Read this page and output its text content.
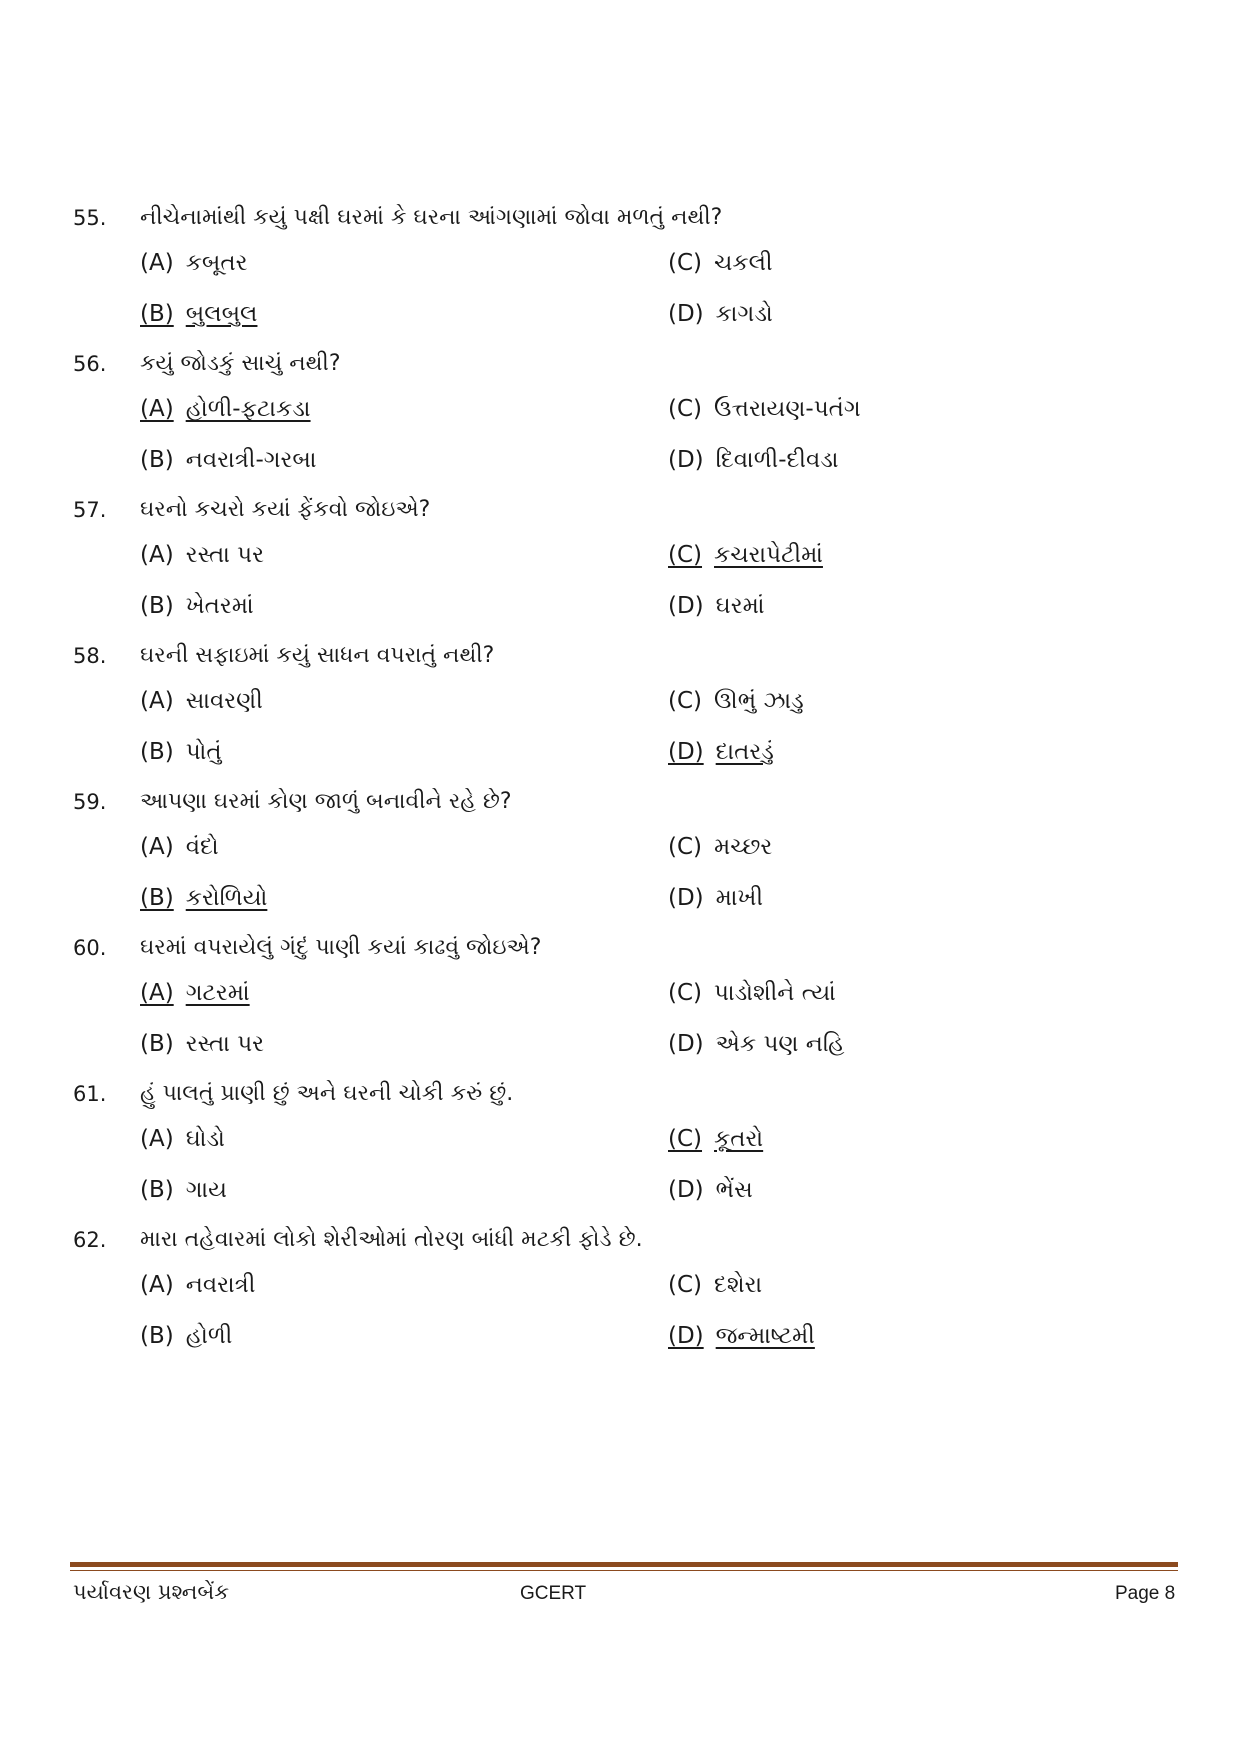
55. નીચેનામાંથી કયું પક્ષી ઘરમાં કે ઘરના આંગણામાં જોવા મળતું નથી?
(A) કબૂતર
(B) બુલબુલ
(C) ચકલી
(D) કાગડો
56. કયું જોડકું સાચું નથી?
(A) હોળી-ફટાકડા
(B) નવરાત્રી-ગરબા
(C) ઉત્તરાયણ-પતંગ
(D) દિવાળી-દીવડા
57. ઘરનો કચરો કયાં ફેંકવો જોઇએ?
(A) રસ્તા પર
(B) ખેતરમાં
(C) કચરાપેટીમાં
(D) ઘરમાં
58. ઘરની સફાઇમાં કયું સાધન વપરાતું નથી?
(A) સાવરણી
(B) પોતું
(C) ઊભું ઝાડુ
(D) દાતરડું
59. આપણા ઘરમાં કોણ જાળું બનાવીને રહે છે?
(A) વંદો
(B) કરોળિયો
(C) મચ્છર
(D) માખી
60. ઘરમાં વપરાયેલું ગંદું પાણી કયાં કાઢવું જોઇએ?
(A) ગટરમાં
(B) રસ્તા પર
(C) પાડોશીને ત્યાં
(D) એક પણ નહિ
61. હું પાલતું પ્રાણી છું અને ઘરની ચોકી કરું છું.
(A) ઘોડો
(B) ગાય
(C) કૂતરો
(D) ભેંસ
62. મારા તહેવારમાં લોકો શેરીઓમાં તોરણ બાંધી મટકી ફોડે છે.
(A) નવરાત્રી
(B) હોળી
(C) દશેરા
(D) જન્માષ્ટમી
પર્યાવરણ પ્રશ્નબેંક	GCERT	Page 8
